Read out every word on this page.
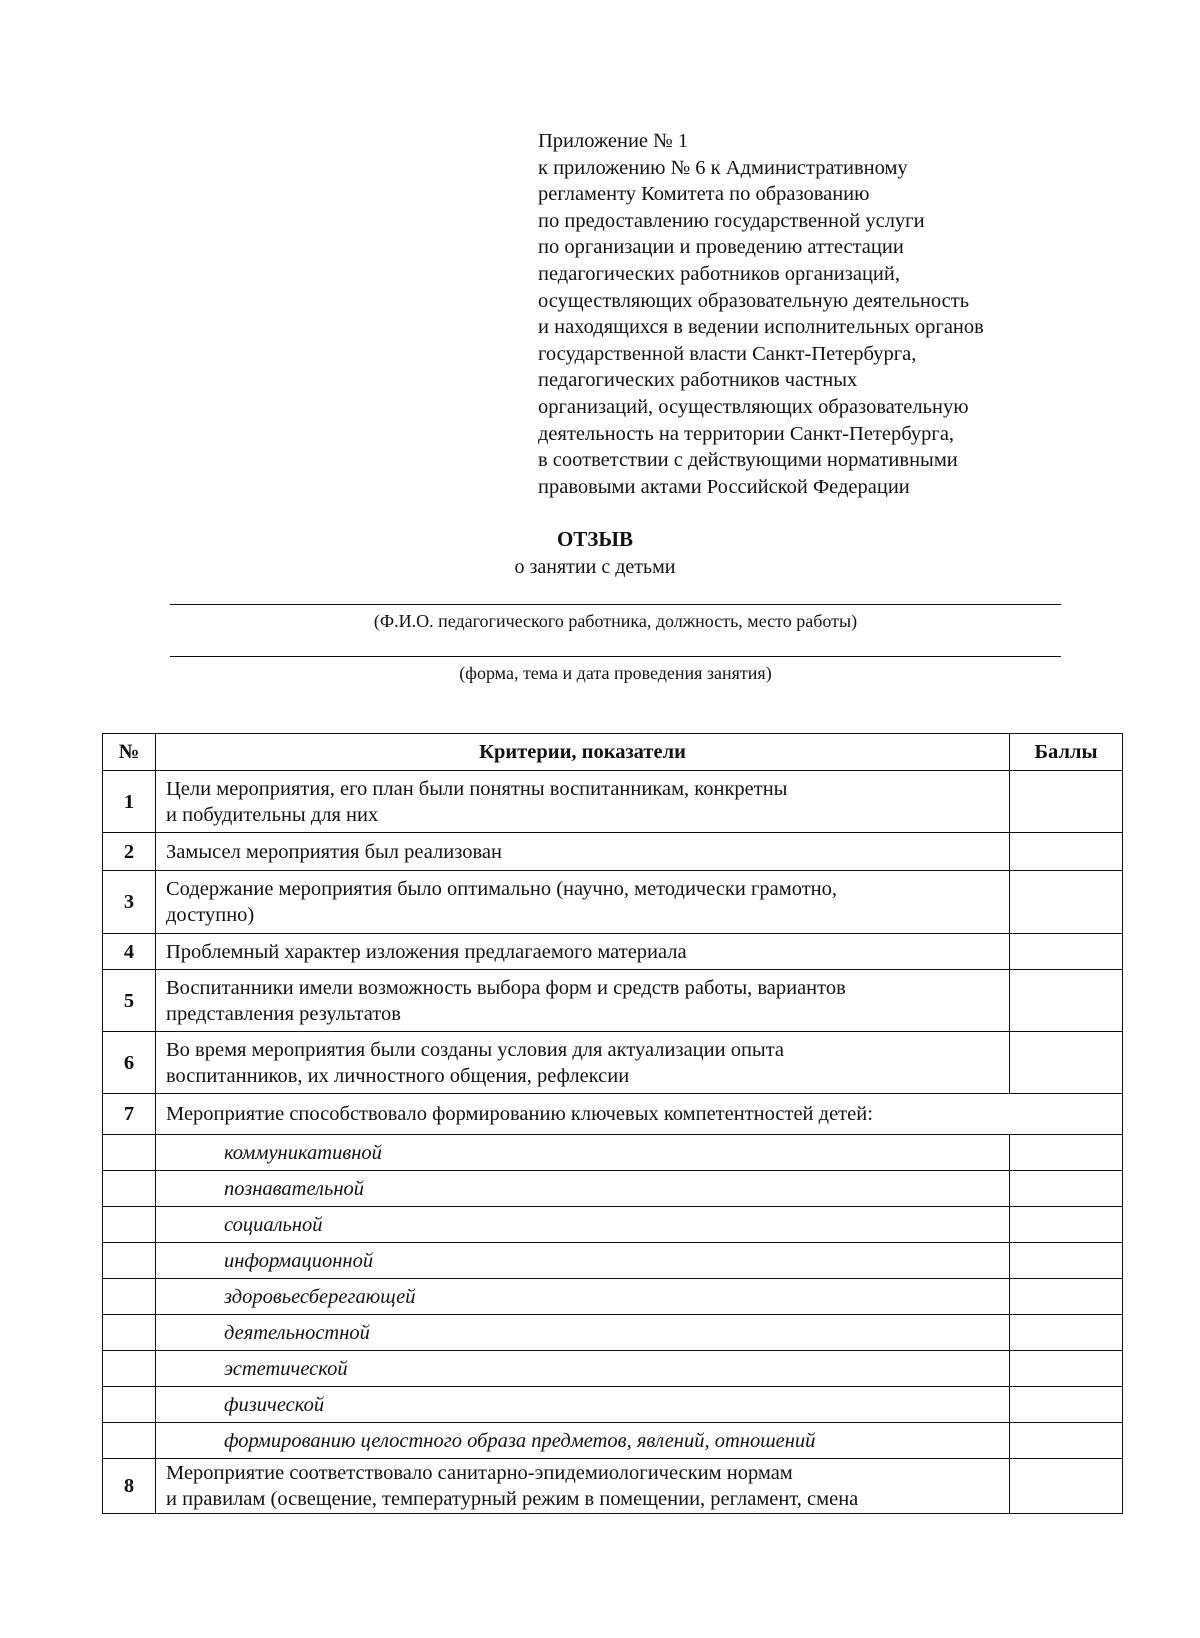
Приложение № 1
к приложению № 6 к Административному
регламенту Комитета по образованию
по предоставлению государственной услуги
по организации и проведению аттестации
педагогических работников организаций,
осуществляющих образовательную деятельность
и находящихся в ведении исполнительных органов
государственной власти Санкт-Петербурга,
педагогических работников частных
организаций, осуществляющих образовательную
деятельность на территории Санкт-Петербурга,
в соответствии с действующими нормативными
правовыми актами Российской Федерации
ОТЗЫВ
о занятии с детьми
(Ф.И.О. педагогического работника, должность, место работы)
(форма, тема и дата проведения занятия)
№	Критерии, показатели	Баллы
1	Цели мероприятия, его план были понятны воспитанникам, конкретны
и побудительны для них	

2	Замысел мероприятия был реализован	

3	Содержание мероприятия было оптимально (научно, методически грамотно,
доступно)	

4	Проблемный характер изложения предлагаемого материала	

5	Воспитанники имели возможность выбора форм и средств работы, вариантов
представления результатов	

6	Во время мероприятия были созданы условия для актуализации опыта
воспитанников, их личностного общения, рефлексии	

7	Мероприятие способствовало формированию ключевых компетентностей детей:	

	коммуникативной	
	познавательной	
	социальной	
	информационной	
	здоровьесберегающей	
	деятельностной	
	эстетической	
	физической	
	формированию целостного образа предметов, явлений, отношений	
8	Мероприятие соответствовало санитарно-эпидемиологическим нормам
и правилам (освещение, температурный режим в помещении, регламент, смена	
